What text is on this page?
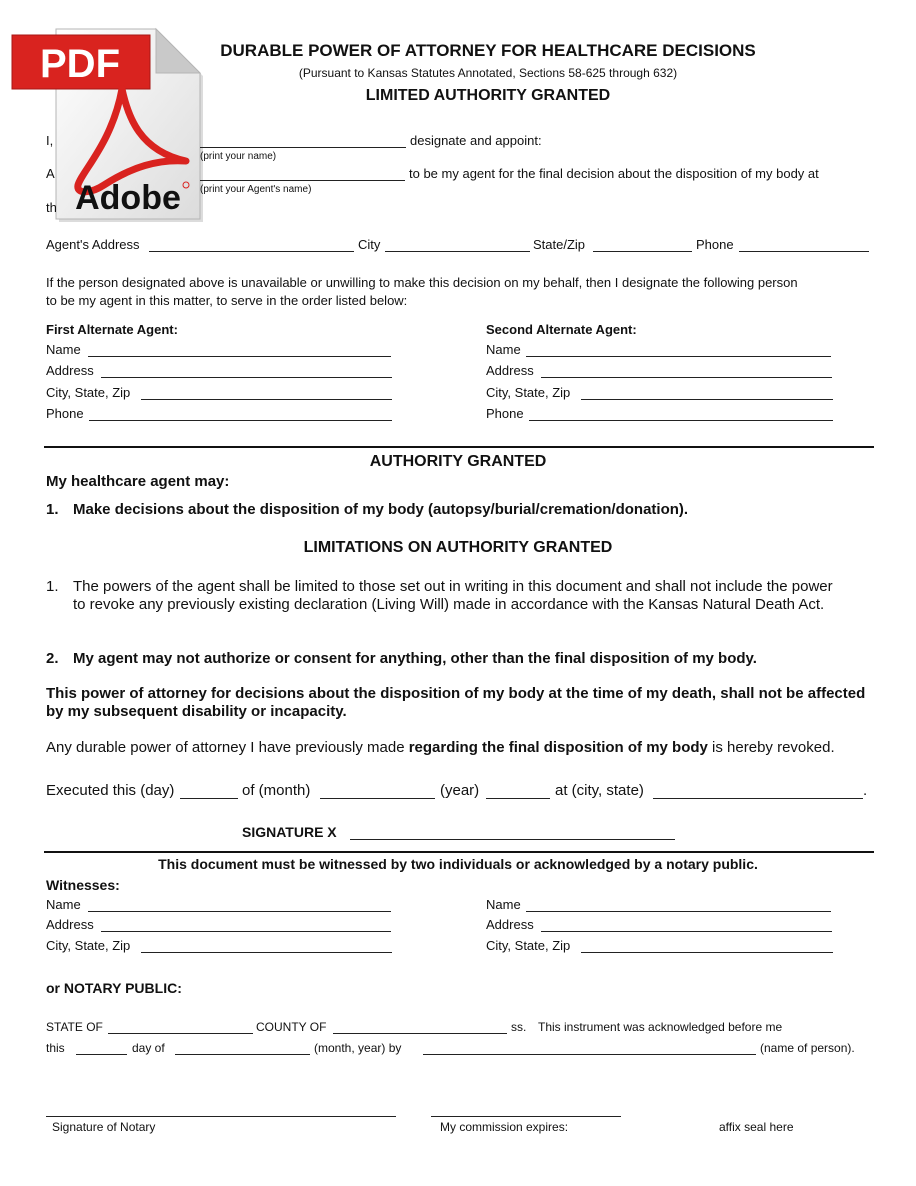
PDF
Adobe
DURABLE POWER OF ATTORNEY FOR HEALTHCARE DECISIONS
(Pursuant to Kansas Statutes Annotated, Sections 58-625 through 632)
LIMITED AUTHORITY GRANTED
I,	designate and appoint:
(print your name)
A	to be my agent for the final decision about the disposition of my body at
(print your Agent's name)
th
Agent's Address	City	State/Zip	Phone
If the person designated above is unavailable or unwilling to make this decision on my behalf, then I designate the following person
to be my agent in this matter, to serve in the order listed below:
First Alternate Agent:
Name
Address
City, State, Zip
Phone
Second Alternate Agent:
Name
Address
City, State, Zip
Phone
AUTHORITY GRANTED
My healthcare agent may:
1. Make decisions about the disposition of my body (autopsy/burial/cremation/donation).
LIMITATIONS ON AUTHORITY GRANTED
1. The powers of the agent shall be limited to those set out in writing in this document and shall not include the power to revoke any previously existing declaration (Living Will) made in accordance with the Kansas Natural Death Act.
2. My agent may not authorize or consent for anything, other than the final disposition of my body.
This power of attorney for decisions about the disposition of my body at the time of my death, shall not be affected by my subsequent disability or incapacity.
Any durable power of attorney I have previously made regarding the final disposition of my body is hereby revoked.
Executed this (day)	of (month)	(year)	at (city, state)	.
SIGNATURE X
This document must be witnessed by two individuals or acknowledged by a notary public.
Witnesses:
Name
Address
City, State, Zip
Name
Address
City, State, Zip
or NOTARY PUBLIC:
STATE OF	COUNTY OF	ss. This instrument was acknowledged before me
this	day of	(month, year) by	(name of person).
Signature of Notary	My commission expires:	affix seal here
